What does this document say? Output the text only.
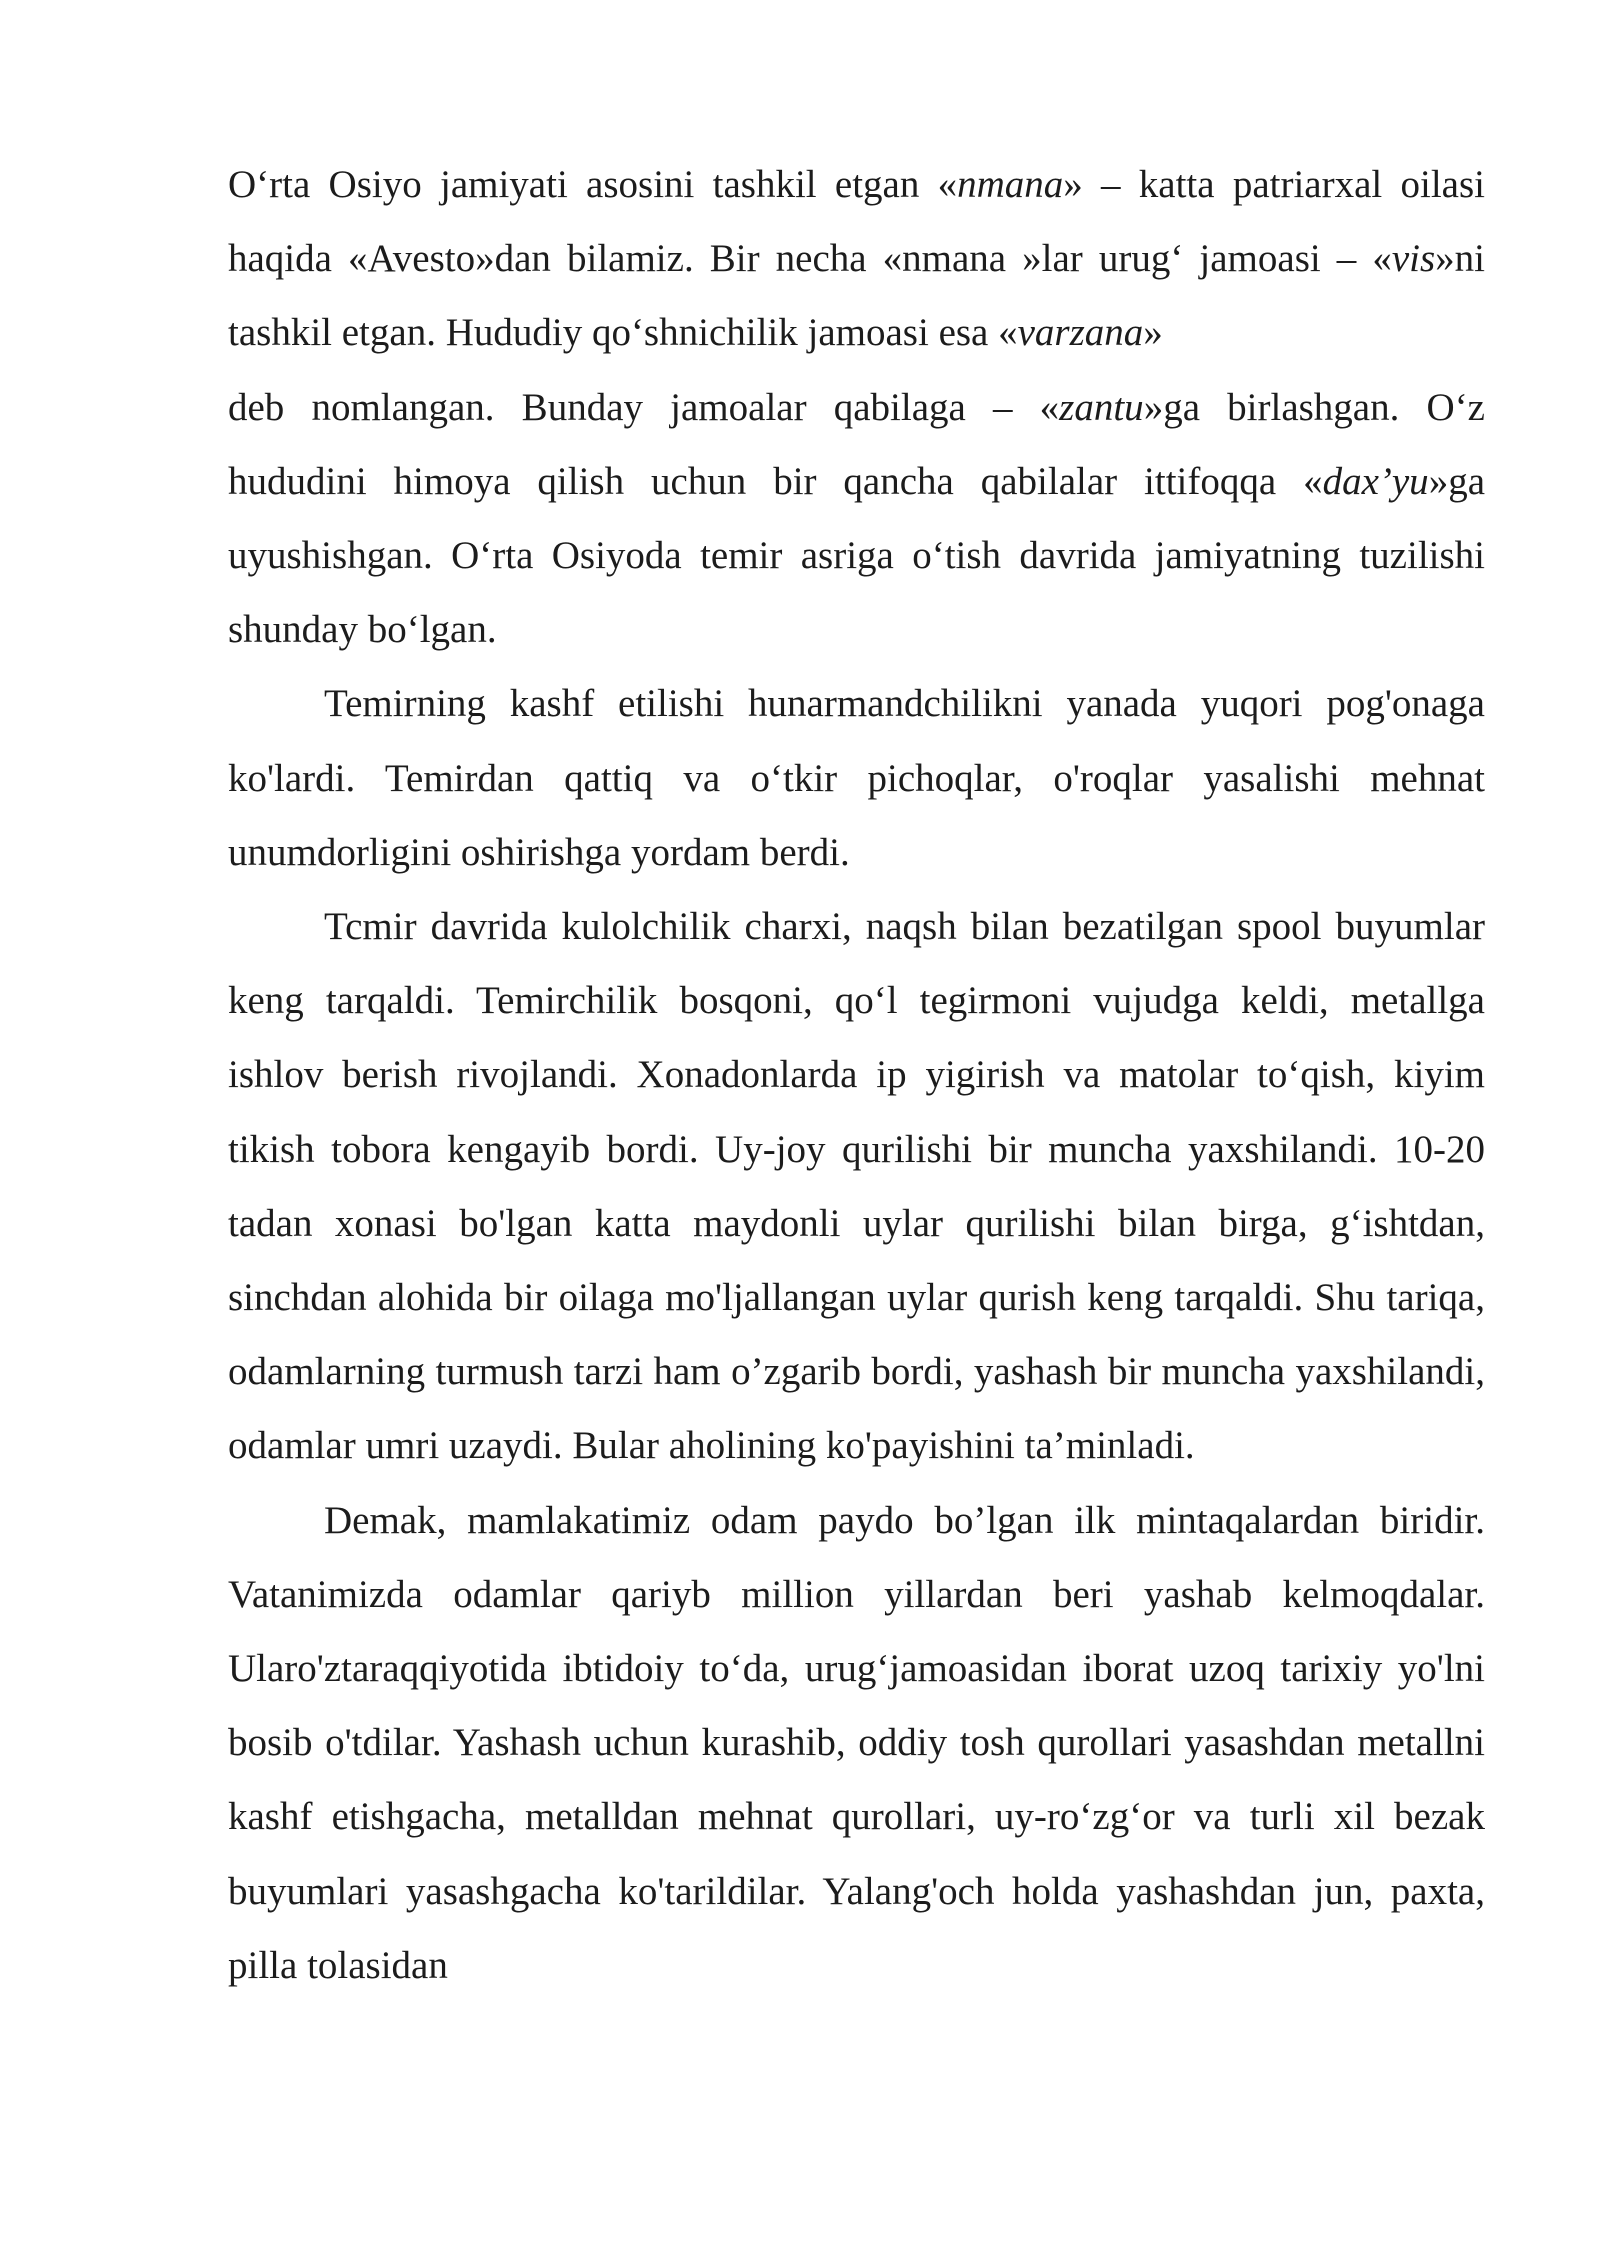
O‘rta Osiyo jamiyati asosini tashkil etgan «nmana» – katta patriarxal oilasi haqida «Avesto»dan bilamiz. Bir necha «nmana »lar urug‘ jamoasi – «vis»ni tashkil etgan. Hududiy qo‘shnichilik jamoasi esa «varzana»
deb nomlangan. Bunday jamoalar qabilaga – «zantu»ga birlashgan. O‘z hududini himoya qilish uchun bir qancha qabilalar ittifoqqa «dax’yu»ga uyushishgan. O‘rta Osiyoda temir asriga o‘tish davrida jamiyatning tuzilishi shunday bo‘lgan.

Temirning kashf etilishi hunarmandchilikni yanada yuqori pog'onaga ko'lardi. Temirdan qattiq va o‘tkir pichoqlar, o'roqlar yasalishi mehnat unumdorligini oshirishga yordam berdi.

Tcmir davrida kulolchilik charxi, naqsh bilan bezatilgan spool buyumlar keng tarqaldi. Temirchilik bosqoni, qo‘l tegirmoni vujudga keldi, metallga ishlov berish rivojlandi. Xonadonlarda ip yigirish va matolar to‘qish, kiyim tikish tobora kengayib bordi. Uy-joy qurilishi bir muncha yaxshilandi. 10-20 tadan xonasi bo'lgan katta maydonli uylar qurilishi bilan birga, g‘ishtdan, sinchdan alohida bir oilaga mo'ljallangan uylar qurish keng tarqaldi. Shu tariqa, odamlarning turmush tarzi ham o’zgarib bordi, yashash bir muncha yaxshilandi, odamlar umri uzaydi. Bular aholining ko'payishini ta’minladi.

Demak, mamlakatimiz odam paydo bo’lgan ilk mintaqalardan biridir. Vatanimizda odamlar qariyb million yillardan beri yashab kelmoqdalar. Ularo'ztaraqqiyotida ibtidoiy to‘da, urug‘jamoasidan iborat uzoq tarixiy yo'lni bosib o'tdilar. Yashash uchun kurashib, oddiy tosh qurollari yasashdan metallni kashf etishgacha, metalldan mehnat qurollari, uy-ro‘zg‘or va turli xil bezak buyumlari yasashgacha ko'tarildilar. Yalang'och holda yashashdan jun, paxta, pilla tolasidan
